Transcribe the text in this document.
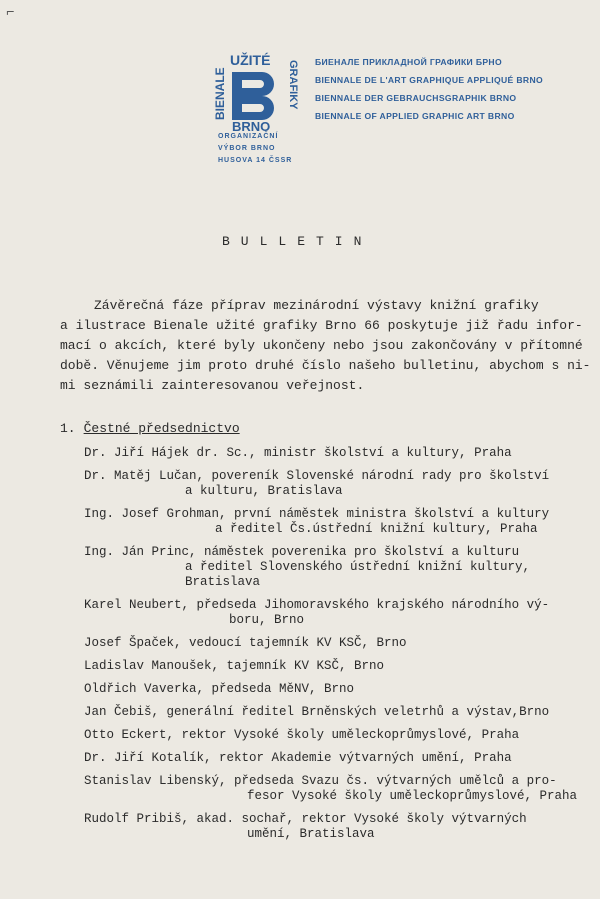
⌐
BIENALE
UŽITÉ GRAFIKY
BRNO
ORGANIZAČNÍ
VÝBOR BRNO
HUSOVA 14 ČSSR
БИЕНАЛЕ ПРИКЛАДНОЙ ГРАФИКИ БРНО
BIENNALE DE L'ART GRAPHIQUE APPLIQUÉ BRNO
BIENNALE DER GEBRAUCHSGRAPHIK BRNO
BIENNALE OF APPLIED GRAPHIC ART BRNO
BULLETIN
Závěrečná fáze příprav mezinárodní výstavy knižní grafiky
a ilustrace Bienale užité grafiky Brno 66 poskytuje již řadu infor-
mací o akcích, které byly ukončeny nebo jsou zakončovány v přítomné
době. Věnujeme jim proto druhé číslo našeho bulletinu, abychom s ni-
mi seznámili zainteresovanou veřejnost.
1. Čestné předsednictvo
Dr. Jiří Hájek dr. Sc., ministr školství a kultury, Praha
Dr. Matěj Lučan, povereník Slovenské národní rady pro školství
a kulturu, Bratislava
Ing. Josef Grohman, první náměstek ministra školství a kultury
a ředitel Čs.ústřední knižní kultury, Praha
Ing. Ján Princ, náměstek poverenika pro školství a kulturu
a ředitel Slovenského ústřední knižní kultury,
Bratislava
Karel Neubert, předseda Jihomoravského krajského národního vý-
boru, Brno
Josef Špaček, vedoucí tajemník KV KSČ, Brno
Ladislav Manoušek, tajemník KV KSČ, Brno
Oldřich Vaverka, předseda MěNV, Brno
Jan Čebiš, generální ředitel Brněnských veletrhů a výstav,Brno
Otto Eckert, rektor Vysoké školy uměleckoprůmyslové, Praha
Dr. Jiří Kotalík, rektor Akademie výtvarných umění, Praha
Stanislav Libenský, předseda Svazu čs. výtvarných umělců a pro-
fesor Vysoké školy uměleckoprůmyslové, Praha
Rudolf Pribiš, akad. sochař, rektor Vysoké školy výtvarných
umění, Bratislava
